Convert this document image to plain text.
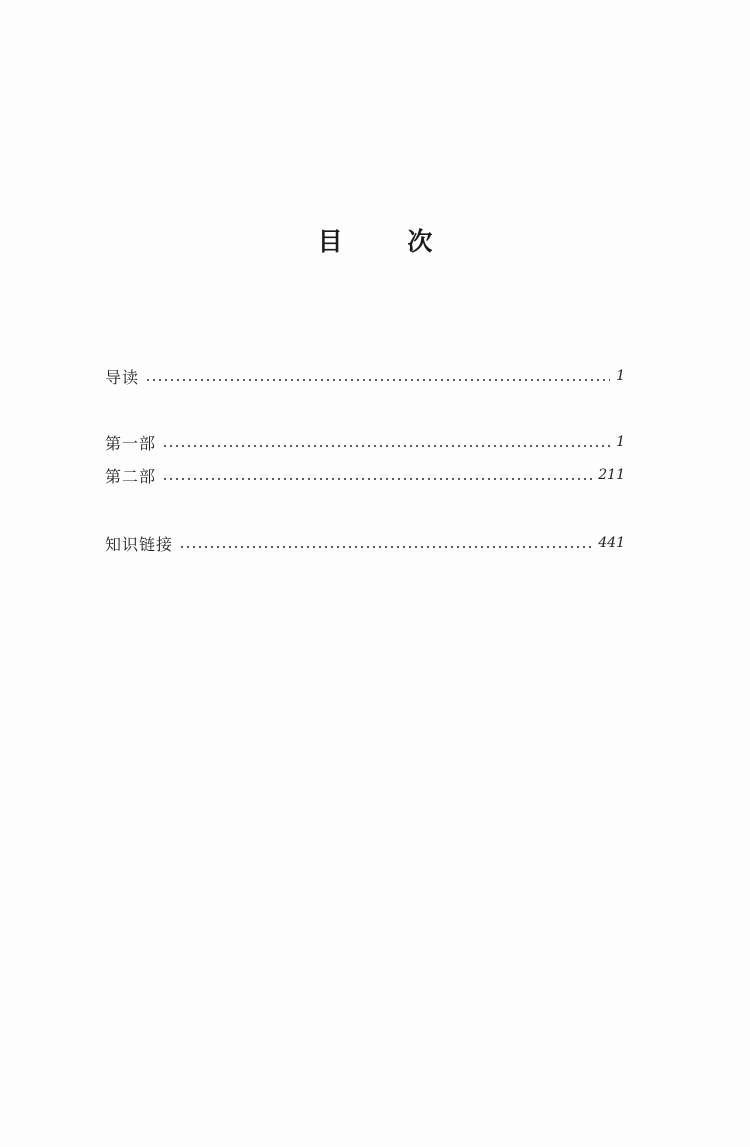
目 次
导读	1
第一部	1
第二部	211
知识链接	441
